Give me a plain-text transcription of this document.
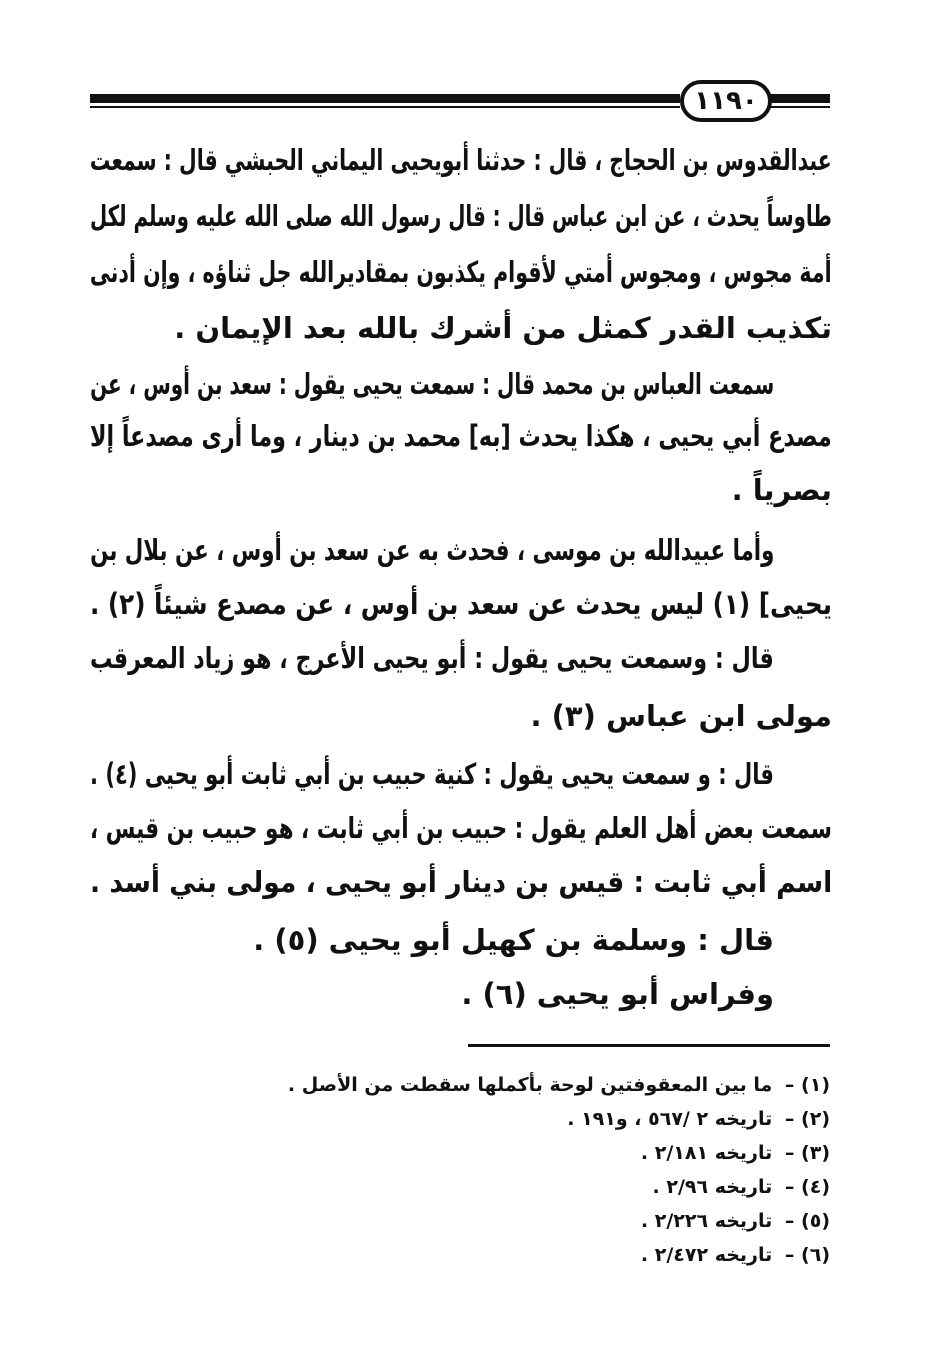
١١٩٠
عبدالقدوس بن الحجاج ، قال : حدثنا أبويحيى اليماني الحبشي قال : سمعت
طاوساً يحدث ، عن ابن عباس قال : قال رسول الله صلى الله عليه وسلم لكل
أمة مجوس ، ومجوس أمتي لأقوام يكذبون بمقاديرالله جل ثناؤه ، وإن أدنى
تكذيب القدر كمثل من أشرك بالله بعد الإيمان .
سمعت العباس بن محمد قال : سمعت يحيى يقول : سعد بن أوس ، عن
مصدع أبي يحيى ، هكذا يحدث [به] محمد بن دينار ، وما أرى مصدعاً إلا
بصرياً .
وأما عبيدالله بن موسى ، فحدث به عن سعد بن أوس ، عن بلال بن
يحيى] (١) ليس يحدث عن سعد بن أوس ، عن مصدع شيئاً (٢) .
قال : وسمعت يحيى يقول : أبو يحيى الأعرج ، هو زياد المعرقب
مولى ابن عباس (٣) .
قال : و سمعت يحيى يقول : كنية حبيب بن أبي ثابت أبو يحيى (٤) .
سمعت بعض أهل العلم يقول : حبيب بن أبي ثابت ، هو حبيب بن قيس ،
اسم أبي ثابت : قيس بن دينار أبو يحيى ، مولى بني أسد .
قال : وسلمة بن كهيل أبو يحيى (٥) .
وفراس أبو يحيى (٦) .
(١) – ما بين المعقوفتين لوحة بأكملها سقطت من الأصل .
(٢) – تاريخه ٢ /٥٦٧ ، و١٩١ .
(٣) – تاريخه ٢/١٨١ .
(٤) – تاريخه ٢/٩٦ .
(٥) – تاريخه ٢/٢٢٦ .
(٦) – تاريخه ٢/٤٧٢ .
